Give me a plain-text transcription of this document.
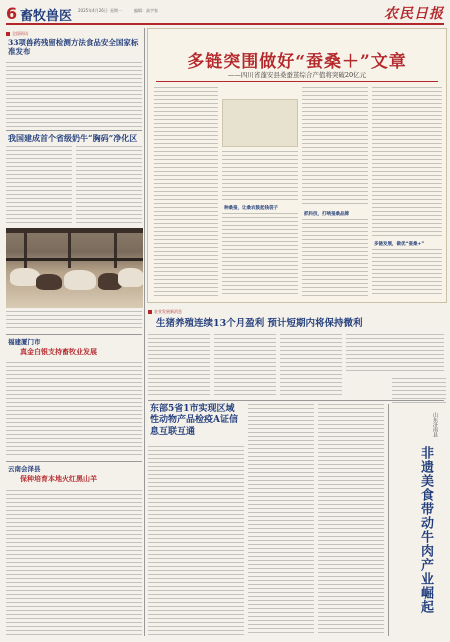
6 畜牧兽医 2025年4月26日 星期一	编辑：高宇家	农民日报
全国资讯
33项兽药残留检测方法食品安全国家标准发布
我国建成首个省级奶牛“胸码”净化区
福建厦门市
真金白银支持畜牧业发展
云南会泽县
保种培育本地火红黑山羊
多链突围做好“蚕桑＋”文章
——四川省蓬安县桑蚕茧综合产值将突破20亿元
种桑蚕，让桑农鼓起钱袋子
抓科技，打响蚕桑品牌
多链发展，做优“蚕桑+”
农业发展新消息
生猪养殖连续13个月盈利 预计短期内将保持微利
东部5省1市实现区域性动物产品检疫A证信息互联互通	山东济南县
非遗美食带动牛肉产业崛起
